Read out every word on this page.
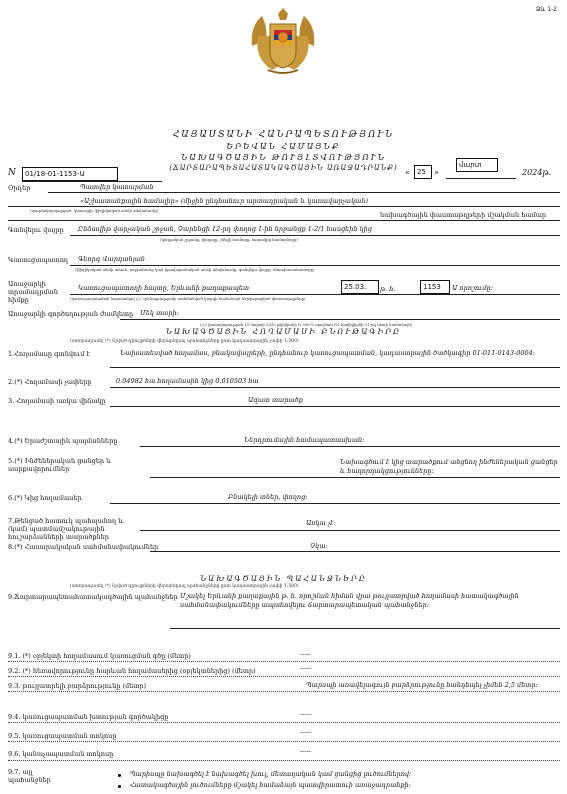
Ձև 1-2
ՀԱՅԱՍՏԱՆԻ ՀԱՆՐԱՊԵՏՈՒԹՅՈՒՆ
ԵՐԵՎԱՆ ՀԱՄԱՅՆՔ
ՆԱԽԱԳԾԱՅԻՆ ԹՈՒՅԼՏՎՈՒԹՅՈՒՆ
(ՃԱՐՏԱՐԱՊԵՏԱՀԱՏԱԿԱԳԾԱՅԻՆ ԱՌԱՋԱԴՐԱՆՔ)
N	01/18-01-1153-Ա	«	25	»
մարտ
2024թ.
Օրդեր	Պատվեր կատարման
«Աշխատանքային համալիր» (միջին ընդհանուր արտադրական և կառավարչական)
(կազմակերպության, կառույցի, ֆիզիկական անձի անվանումը)
նախագծային փաստաթղթերի մշակման համար
Գտնվելու վայրը Ընձավիթ վարչական շրջան, Չարենցի 12-րդ փողոց 1-ին նրբանցք 1-2/1 հասցեին կից
(վարչական շրջանը, փողոցը, շենքի համարը, հարակից համարները)
Կառուցապատող Գեորգ Վարդանյան
(ֆիզիկական անձի անուն, ազգանունը կամ իրավաբանական անձի անվանումը, գտնվելու վայրը, հեռախոսահամարը)
Առաջարկի տրամադրման հիմքը
Կառուցապատողի հայտը, Երևանի քաղաքապետ	25.03.	թ. հ.	1153	Ա որոշումը:
(կառուցապատման նպատակով ՀՀ օրենսդրությամբ սահմանված կարգի համաձայն ներկայացված փաստաթղթերը)
Առաջարկի գործողության ժամկետը Մեկ տարի:
(ՀՀ կառավարության 19 մարտի 2015 թվականի N 596-Ն որոշման N1 հավելվածի 31-րդ կետի համաձայն)
ՆԱԽԱԳԾԱՅԻՆ ՀՈՂԱՄԱՍԻ ԲՆՈՒԹԱԳԻՐԸ
(ստորադասել (*) նշված դրույթների վերաբերյալ պահանջները ըստ կադաստրային չափի 1:500)
1.Հողամասը գտնվում է	Նախատեսված հողամաս, բնակավայրերի, ընդհանուր կառուցապատման, կադաստրային ծածկագիր 01-011-0143-0004:
2.(*) Հողամասի չափերը	0.04982 հա հողամասին կից 0.010503 հա
3. Հողամասի առկա վիճակը	Ազատ տարածք
4.(*) Երաժշտային պայմանները	Ներդրումային համապատասխան:
5.(*) Ինժեներական ցանցեր և սարքավորումներ
Նախագծում է կից տարածքում անցնող ինժեներական ցանցեր և հաղորդակցությունները:
6.(*) Կից հողամասեր	Բնակելի տներ, փողոց:
7.Թենցած հատուկ պահպանող և (կամ) պատմամշակութային հուշարձանների տարածքներ
Առկա չէ:
8.(*) Հասարակական սահմանափակումներ	Չկա:
ՆԱԽԱԳԾԱՅԻՆ ՊԱՀԱՆՋՆԵՐԸ
(ստորադասել (*) նշված դրույթների վերաբերյալ պահանջները ըստ կադաստրային չափի 1:500)
9.Ճարտարապետահատակագծային պահանջներ Մշակել Երևանի քաղաքային թ. հ. որոշման հիման վրա թույլատրված հողամասի հատակագծային սահմանափակումները ապահովելու ճարտարապետական պահանջներ:
9.1. (*) օբյեկտի հողամասում կառուցման գծը (մետր)	-----
9.2. (*) հեռավորությունը հարևան հողամասերից (օբյեկտներից) (մետր)	-----
9.3. թույլատրելի բարձրությունը (մետր)	Պարսպի առավելագույն բարձրությունը հանդեպել չիմեն 2,5 մետր:
9.4. կառուցապատման խտության գործակիցը	-----
9.5. կառուցապատման տոկոսը	-----
9.6. կանաչապատման տոկոսը	-----
9.7. այլ պահանջներ
Պարիսպը նախագծել է նախագծել խուլ, մետաղական կամ ցանցից լուծումներով:
Հատակագծային լուծումները մշակել համաձայն պատվիրատուի առաջադրանքի:
